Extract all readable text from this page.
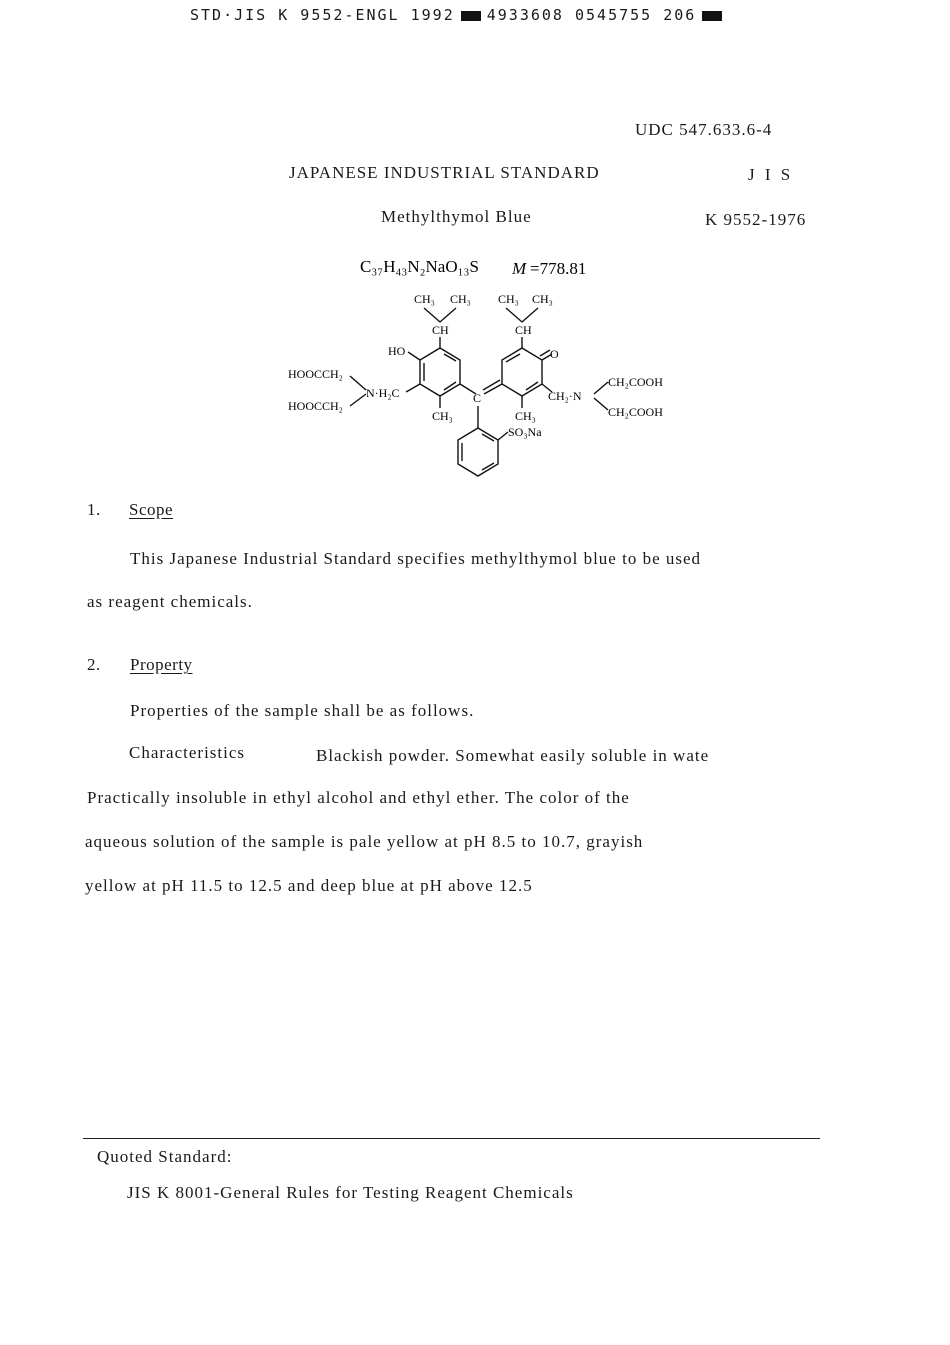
STD·JIS K 9552-ENGL 1992 4933608 0545755 206
UDC 547.633.6-4
JAPANESE INDUSTRIAL STANDARD	J I S
Methylthymol Blue	K 9552-1976
C₃₇H₄₃N₂NaO₁₃S M =778.81
CH₃ CH₃ CH₃ CH₃
CH	CH
HO	O
HOOCCH₂
HOOCCH₂
N·H₂C
CH₃
C
CH₃
CH₂·N
CH₂COOH
CH₂COOH
SO₃Na
1. Scope
This Japanese Industrial Standard specifies methylthymol blue to be used
as reagent chemicals.
2. Property
Properties of the sample shall be as follows.
Characteristics	Blackish powder. Somewhat easily soluble in wate
Practically insoluble in ethyl alcohol and ethyl ether. The color of the
aqueous solution of the sample is pale yellow at pH 8.5 to 10.7, grayish
yellow at pH 11.5 to 12.5 and deep blue at pH above 12.5
Quoted Standard:
JIS K 8001-General Rules for Testing Reagent Chemicals
